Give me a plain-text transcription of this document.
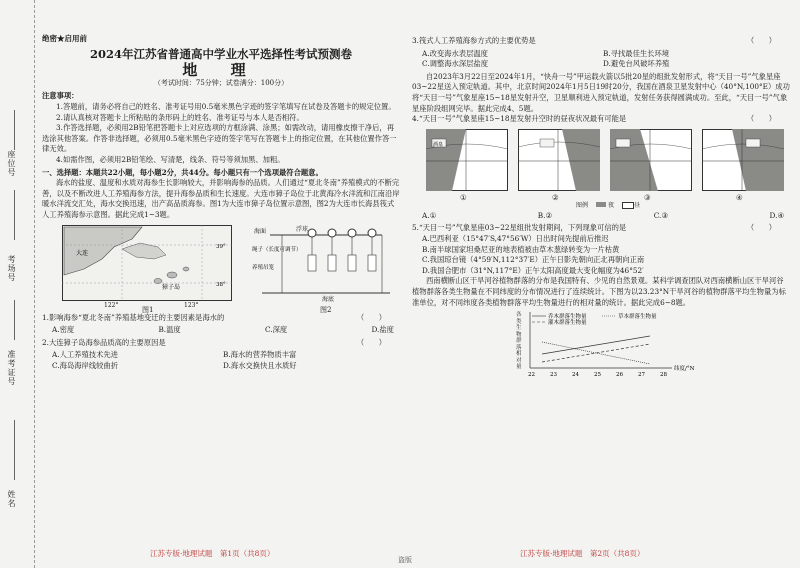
座位号
考场号
准考证号
姓名
绝密★启用前
2024年江苏省普通高中学业水平选择性考试预测卷
地 理
（考试时间：75分钟；试卷满分：100分）
注意事项：

1.答题前，请务必将自己的姓名、准考证号用0.5毫米黑色字迹的签字笔填写在试卷及答题卡的规定位置。

2.请认真核对答题卡上所粘贴的条形码上的姓名、准考证号与本人是否相符。

3.作答选择题，必须用2B铅笔把答题卡上对应选项的方框涂满、涂黑；如需改动，请用橡皮擦干净后，再选涂其他答案。作答非选择题，必须用0.5毫米黑色字迹的签字笔写在答题卡上的指定位置，在其他位置作答一律无效。

4.如需作图，必须用2B铅笔绘、写清楚，线条、符号等须加黑、加粗。

一、选择题：本题共22小题，每小题2分，共44分。每小题只有一个选项最符合题意。

海水的盐度、温度和水质对海参生长影响较大，并影响海参的品质。人们通过“夏北冬南”养殖模式的不断完善，以及不断改进人工养殖海参方法，提升海参品质和生长速度。大连市獐子岛位于北黄海冷水洋流和江南沿岸暖水洋流交汇处，海水交换迅速，出产高品质海参。图1为大连市獐子岛位置示意图，图2为大连市长海县筏式人工养殖海参示意图。据此完成1~3题。

大连
獐子岛
39°
38°
122°	123°
图1
海面
绳子（长度可调节）
养殖吊笼
海底
浮球
图2

1.影响海参“夏北冬南”养殖基地变迁的主要因素是海水的	（　　）
A.密度	B.温度	C.深度	D.盐度

2.大连獐子岛海参品质高的主要原因是	（　　）
A.人工养殖技术先进	B.海水的营养物质丰富
C.海岛海岸线较曲折	D.海水交换快且水质好
江苏专版·地理试题　第1页（共8页）
盗版

3.筏式人工养殖海参方式的主要优势是	（　　）
A.改变海水表层温度	B.寻找最佳生长环境
C.调整海水深层盐度	D.避免台风破坏养殖

自2023年3月22日至2024年1月，“快舟一号”甲运载火箭以5批20星的组批发射形式，将“天目一号”气象星座03~22星送入预定轨道。其中，北京时间2024年1月5日19时20分，我国在酒泉卫星发射中心（40°N,100°E）成功将“天目一号”气象星座15~18星发射升空，卫星顺利进入预定轨道，发射任务获得圆满成功。至此，“天目一号”气象星座阶段组网完毕。据此完成4、5题。

4.“天目一号”气象星座15~18星发射升空时的昼夜状况最有可能是	（　　）
酒泉
①	②	③	④
图例	夜	昼
A.①	B.②	C.③	D.④

5.“天目一号”气象星座03~22星组批发射期间，下列现象可信的是	（　　）

A.巴西利亚（15°47′S,47°56′W）日出时间先提前后推迟

B.南半球国家坦桑尼亚的地表植被由草木葱绿转变为一片枯黄

C.我国琼台镜（4°59′N,112°37′E）正午日影先朝向正北再朝向正南

D.我国合肥市（31°N,117°E）正午太阳高度最大变化幅度为46°52′

西南横断山区干旱河谷植物群落的分布是我国特有、少见的自然景观。某科学调查团队对西南横断山区干旱河谷植物群落各类生物量在不同纬度的分布情况进行了连续统计。下图为以23.23°N干旱河谷的植物群落平均生物量为标准单位，对不同纬度各类植物群落平均生物量进行的相对量的统计。据此完成6~8题。

乔木群落生物量
灌木群落生物量
草本群落生物量
22	23	24	25	26	27	28
纬度/°N
各类生物群落相对量
江苏专版·地理试题　第2页（共8页）
